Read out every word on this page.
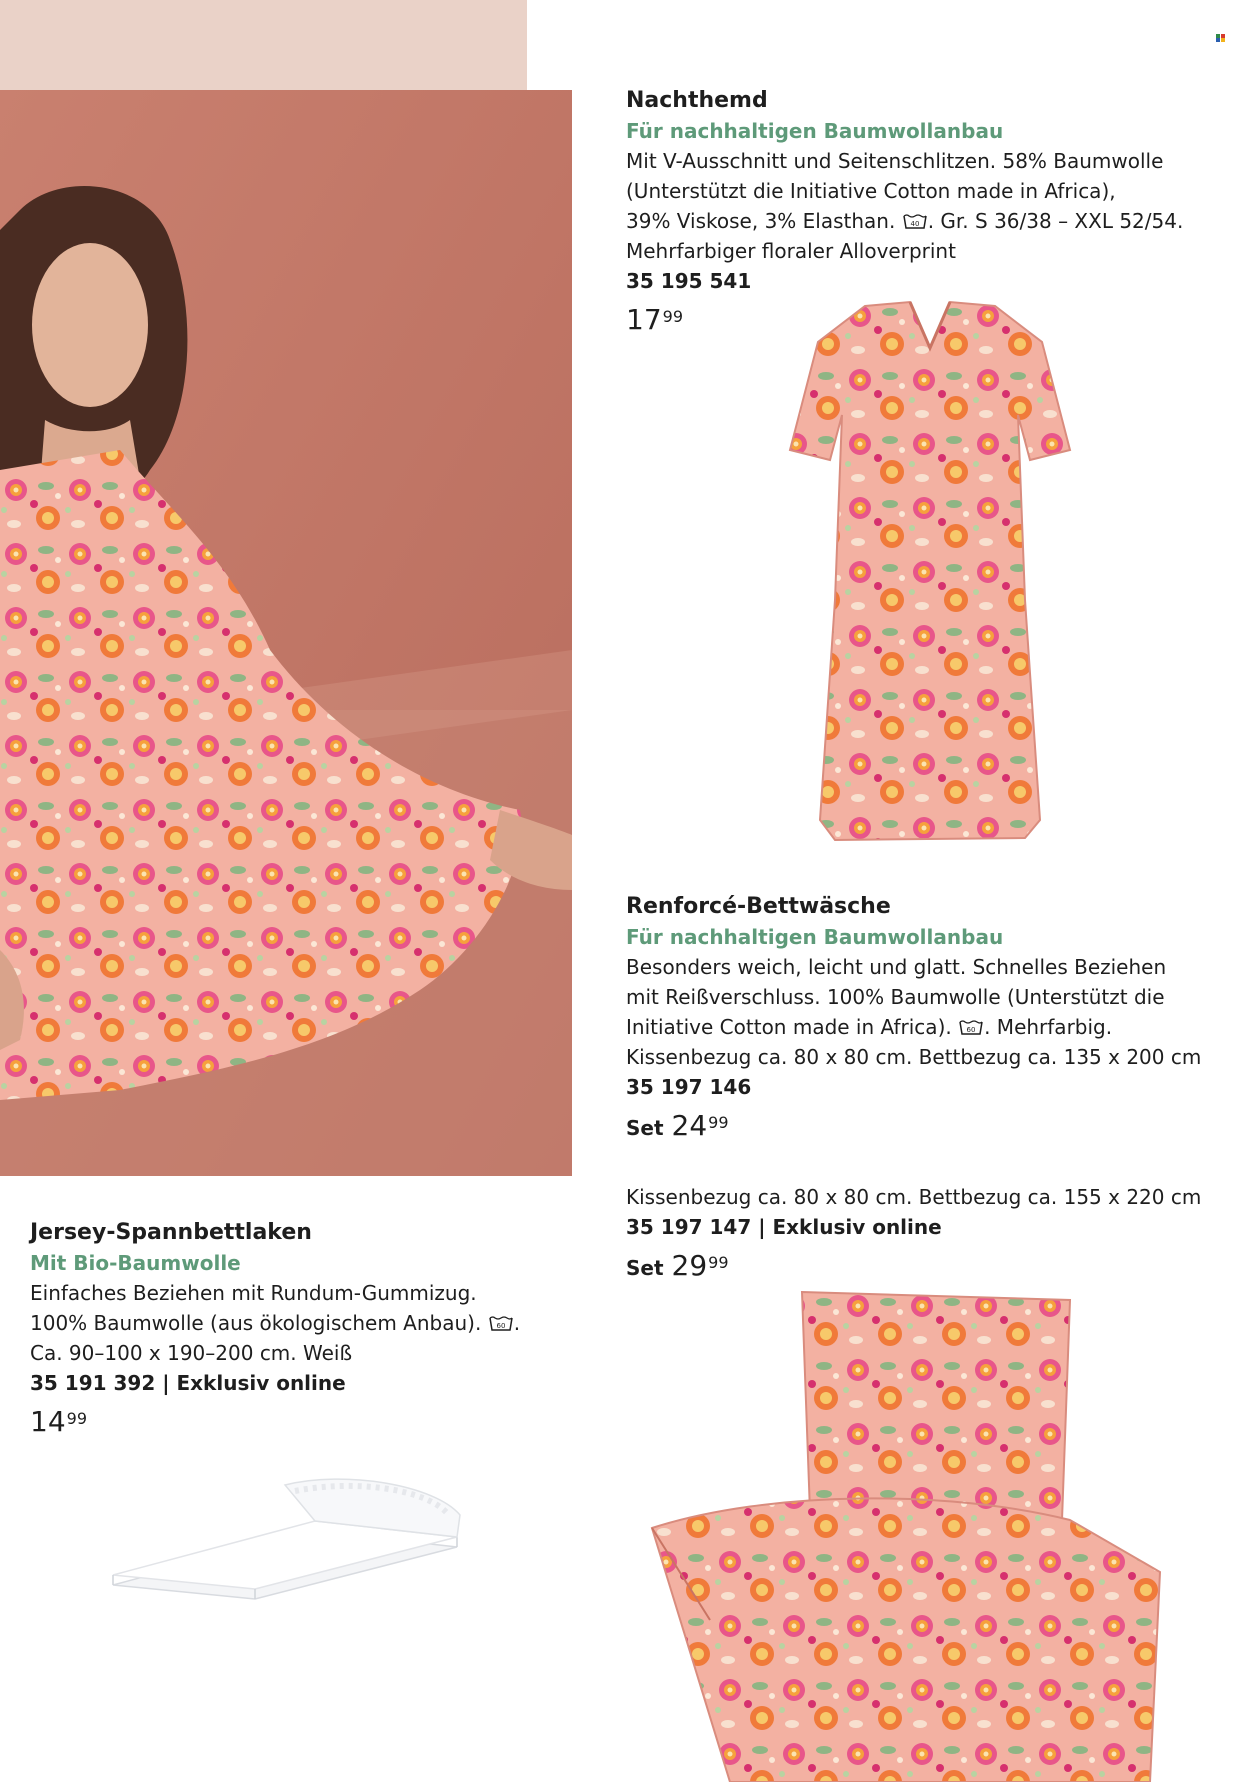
Nachthemd
Für nachhaltigen Baumwollanbau
Mit V-Ausschnitt und Seitenschlitzen. 58% Baumwolle
(Unterstützt die Initiative Cotton made in Africa),
39% Viskose, 3% Elasthan. 40 . Gr. S 36/38 – XXL 52/54.
Mehrfarbiger floraler Alloverprint
35 195 541
$17^{99}$
Renforcé-Bettwäsche
Für nachhaltigen Baumwollanbau
Besonders weich, leicht und glatt. Schnelles Beziehen
mit Reißverschluss. 100% Baumwolle (Unterstützt die
Initiative Cotton made in Africa). 60 . Mehrfarbig.
Kissenbezug ca. 80 x 80 cm. Bettbezug ca. 135 x 200 cm
35 197 146
Set $24^{99}$
Kissenbezug ca. 80 x 80 cm. Bettbezug ca. 155 x 220 cm
35 197 147 | Exklusiv online
Set $29^{99}$
Jersey-Spannbettlaken
Mit Bio-Baumwolle
Einfaches Beziehen mit Rundum-Gummizug.
100% Baumwolle (aus ökologischem Anbau). 60 .
Ca. 90–100 x 190–200 cm. Weiß
35 191 392 | Exklusiv online
$14^{99}$
